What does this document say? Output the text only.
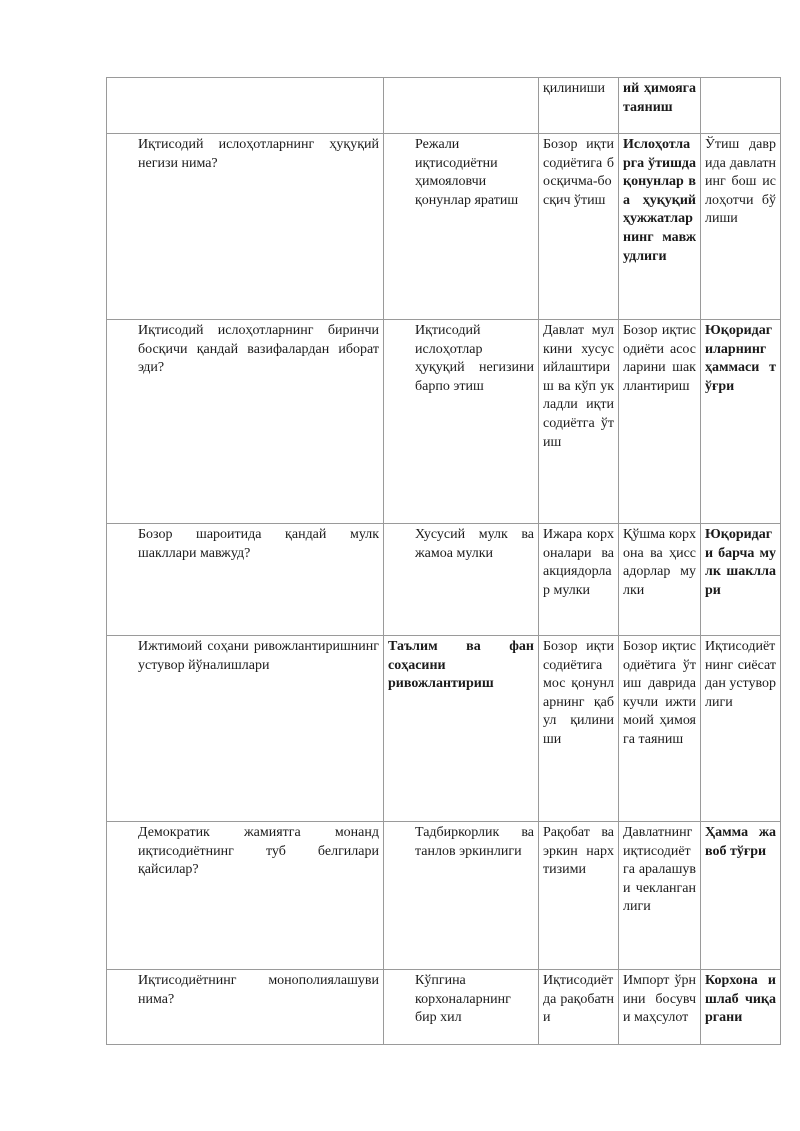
		қилиниши	ий ҳимояга таяниш	

Иқтисодий ислоҳотларнинг ҳуқуқий негизи нима?	Режали иқтисодиётни ҳимояловчи қонунлар яратиш	Бозор иқтисодиётига босқичма-босқич ўтиш	Ислоҳотларга ўтишда қонунлар ва ҳуқуқий ҳужжатларнинг мавжудлиги	Ўтиш даврида давлатнинг бош ислоҳотчи бўлиши

Иқтисодий ислоҳотларнинг биринчи босқичи қандай вазифалардан иборат эди?	Иқтисодий ислоҳотлар ҳуқуқий негизини барпо этиш	Давлат мулкини хусусийлаштириш ва кўп укладли иқтисодиётга ўтиш	Бозор иқтисодиёти асосларини шакллантириш	Юқоридагиларнинг ҳаммаси тўғри

Бозор шароитида қандай мулк шакллари мавжуд?	Хусусий мулк ва жамоа мулки	Ижара корхоналари ва акциядорлар мулки	Қўшма корхона ва ҳиссадорлар мулки	Юқоридаги барча мулк шакллари

Ижтимоий соҳани ривожлантиришнинг устувор йўналишлари	Таълим ва фан соҳасини ривожлантириш	Бозор иқтисодиётига мос қонунларнинг қабул қилиниши	Бозор иқтисодиётига ўтиш даврида кучли ижтимоий ҳимояга таяниш	Иқтисодиётнинг сиёсатдан устуворлиги

Демократик жамиятга монанд иқтисодиётнинг туб белгилари қайсилар?	Тадбиркорлик ва танлов эркинлиги	Рақобат ва эркин нарх тизими	Давлатнинг иқтисодиётга аралашуви чекланганлиги	Ҳамма жавоб тўғри

Иқтисодиётнинг монополиялашуви нима?	Кўпгина корхоналарнинг бир хил	Иқтисодиётда рақобатни	Импорт ўрнини босувчи маҳсулот	Корхона ишлаб чиқаргани
